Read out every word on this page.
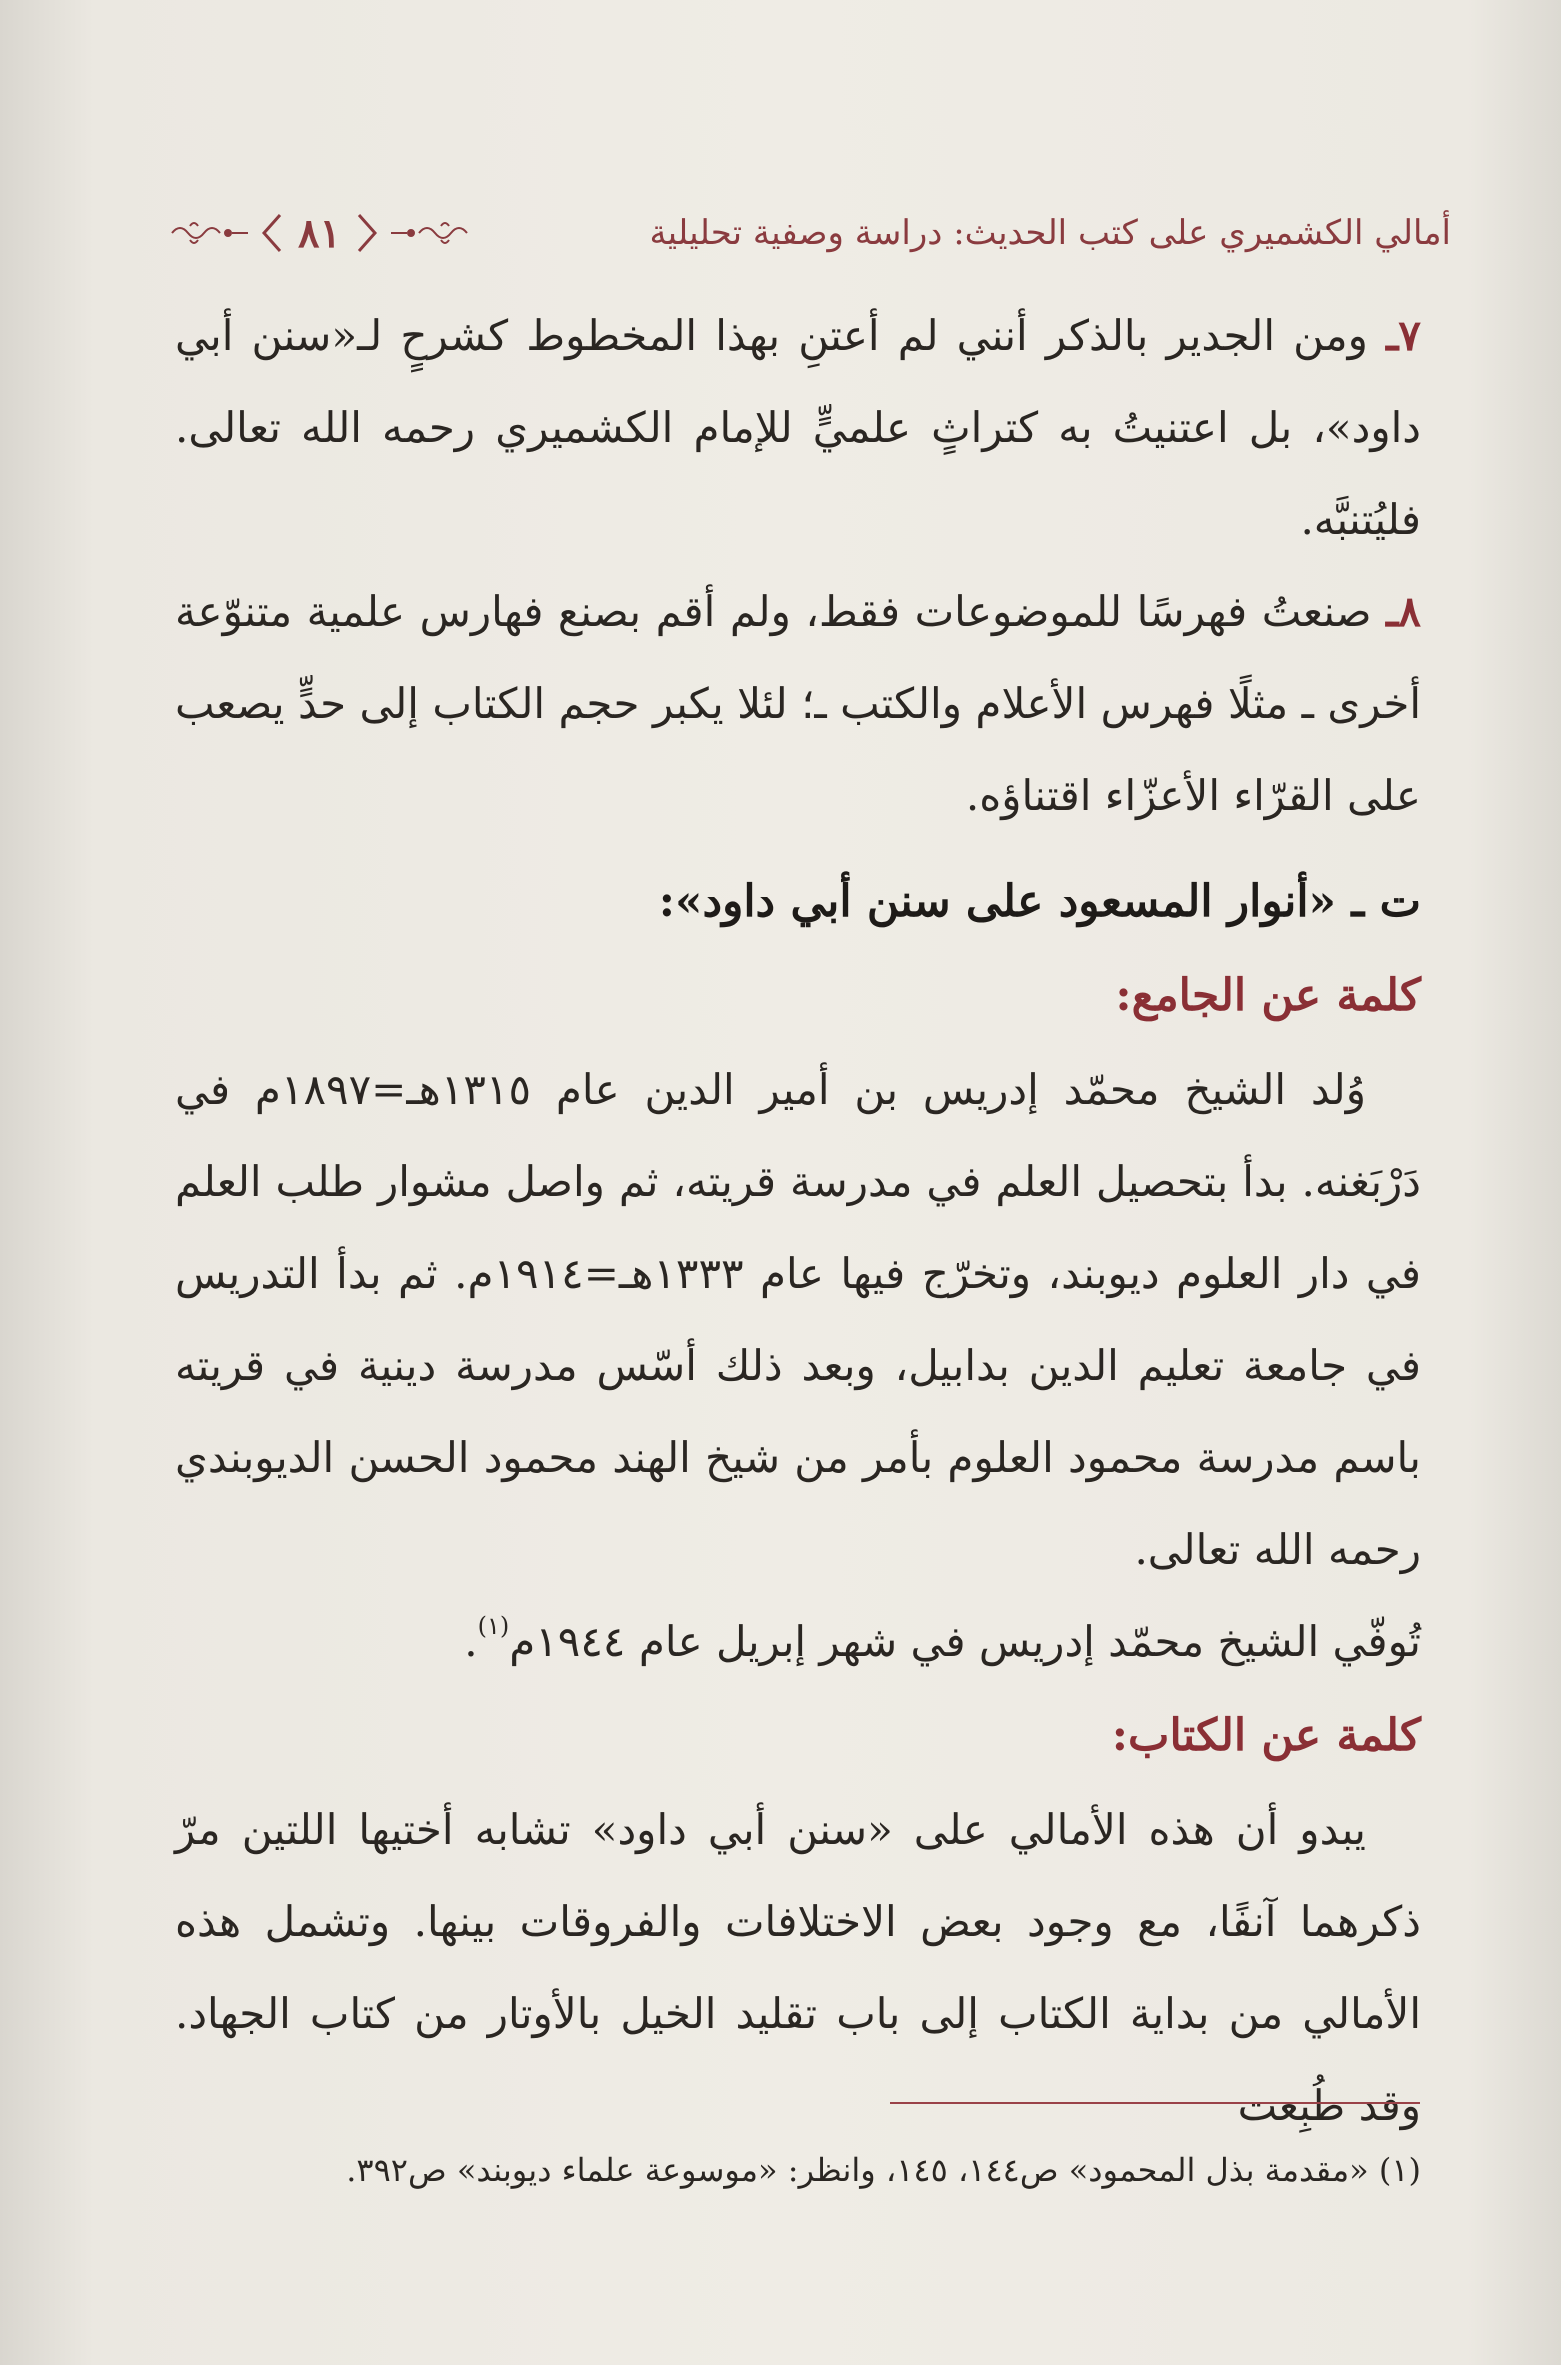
أمالي الكشميري على كتب الحديث: دراسة وصفية تحليلية
٨١

٧ـ ومن الجدير بالذكر أنني لم أعتنِ بهذا المخطوط كشرحٍ لـ«سنن أبي داود»، بل اعتنيتُ به كتراثٍ علميٍّ للإمام الكشميري رحمه الله تعالى. فليُتنبَّه.

٨ـ صنعتُ فهرسًا للموضوعات فقط، ولم أقم بصنع فهارس علمية متنوّعة أخرى ـ مثلًا فهرس الأعلام والكتب ـ؛ لئلا يكبر حجم الكتاب إلى حدٍّ يصعب على القرّاء الأعزّاء اقتناؤه.

ت ـ «أنوار المسعود على سنن أبي داود»:
كلمة عن الجامع:

وُلد الشيخ محمّد إدريس بن أمير الدين عام ١٣١٥هـ=١٨٩٧م في دَرْبَغنه. بدأ بتحصيل العلم في مدرسة قريته، ثم واصل مشوار طلب العلم في دار العلوم ديوبند، وتخرّج فيها عام ١٣٣٣هـ=١٩١٤م. ثم بدأ التدريس في جامعة تعليم الدين بدابيل، وبعد ذلك أسّس مدرسة دينية في قريته باسم مدرسة محمود العلوم بأمر من شيخ الهند محمود الحسن الديوبندي رحمه الله تعالى.

تُوفّي الشيخ محمّد إدريس في شهر إبريل عام ١٩٤٤م$^{(١)}$.

كلمة عن الكتاب:

يبدو أن هذه الأمالي على «سنن أبي داود» تشابه أختيها اللتين مرّ ذكرهما آنفًا، مع وجود بعض الاختلافات والفروقات بينها. وتشمل هذه الأمالي من بداية الكتاب إلى باب تقليد الخيل بالأوتار من كتاب الجهاد. وقد طُبِعت

(١) «مقدمة بذل المحمود» ص١٤٤، ١٤٥، وانظر: «موسوعة علماء ديوبند» ص٣٩٢.
